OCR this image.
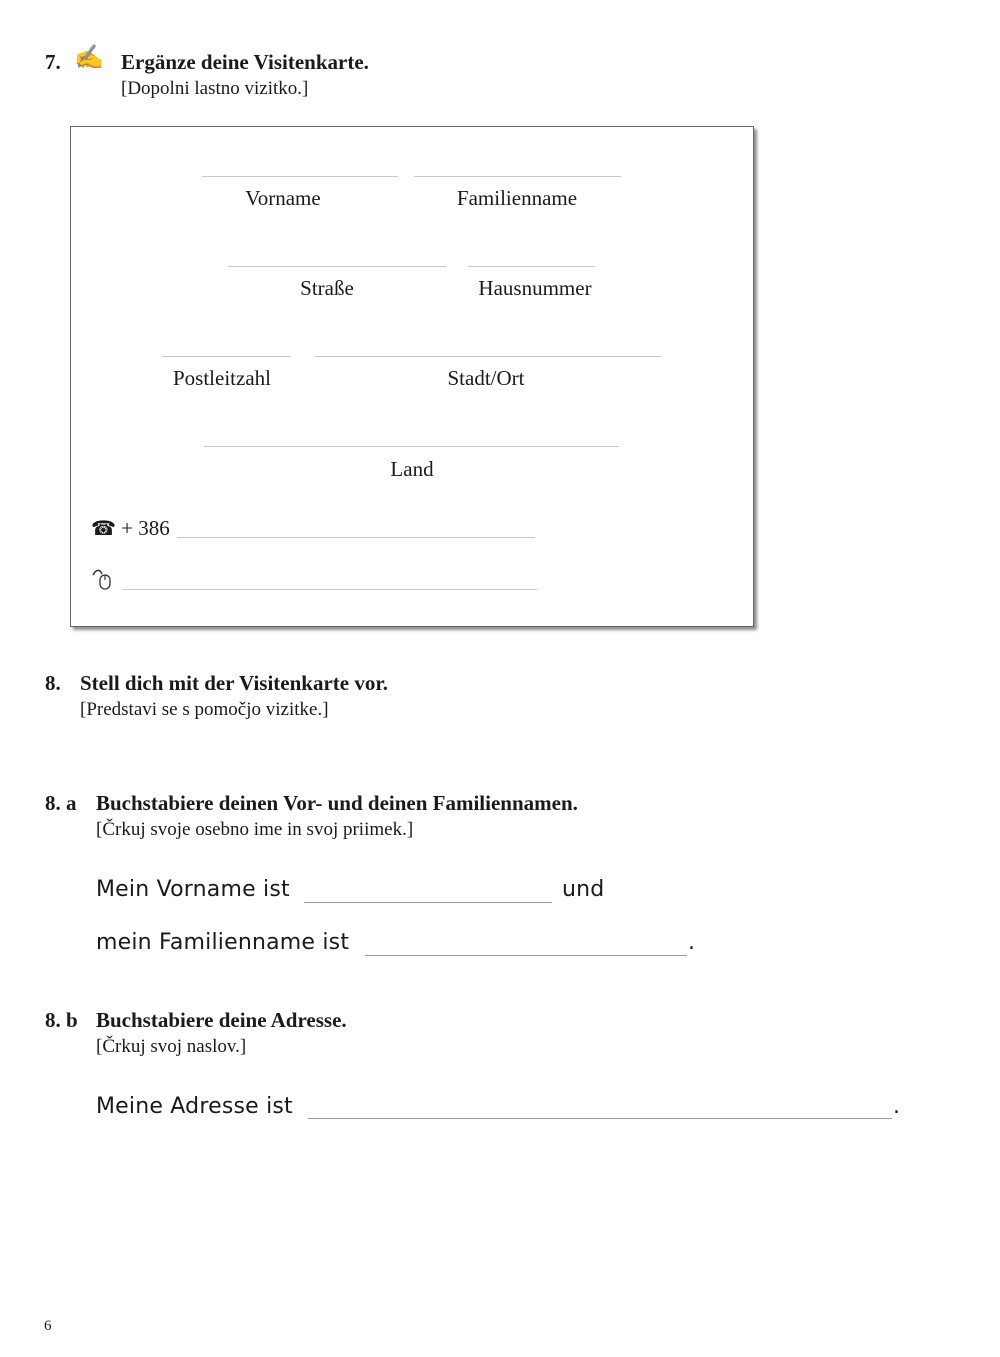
7. ✍ Ergänze deine Visitenkarte.
[Dopolni lastno vizitko.]
Vorname	Familienname
Straße	Hausnummer
Postleitzahl	Stadt/Ort
Land
☎ + 386
8. Stell dich mit der Visitenkarte vor.
[Predstavi se s pomočjo vizitke.]
8. a Buchstabiere deinen Vor- und deinen Familiennamen.
[Črkuj svoje osebno ime in svoj priimek.]
Mein Vorname ist	und
mein Familienname ist	.
8. b Buchstabiere deine Adresse.
[Črkuj svoj naslov.]
Meine Adresse ist	.
6
